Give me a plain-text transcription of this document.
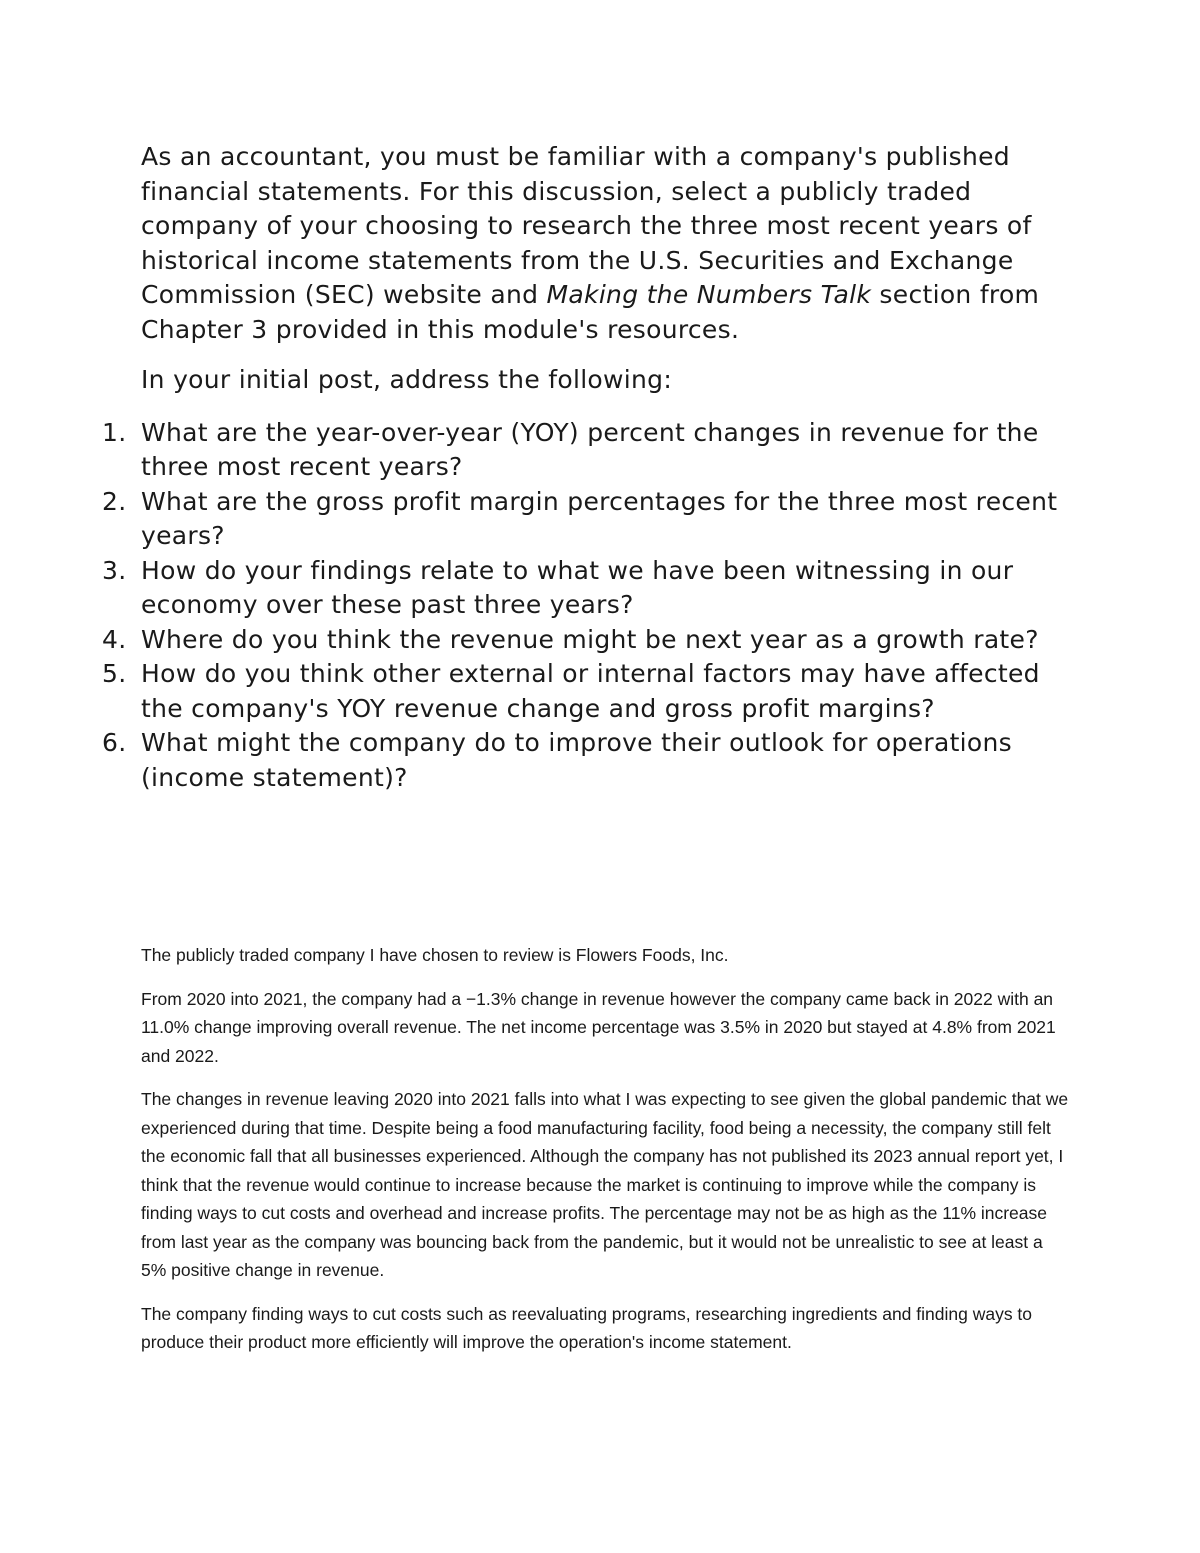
As an accountant, you must be familiar with a company's published financial statements. For this discussion, select a publicly traded company of your choosing to research the three most recent years of historical income statements from the U.S. Securities and Exchange Commission (SEC) website and Making the Numbers Talk section from Chapter 3 provided in this module's resources.

In your initial post, address the following:

1. What are the year-over-year (YOY) percent changes in revenue for the three most recent years?
2. What are the gross profit margin percentages for the three most recent years?
3. How do your findings relate to what we have been witnessing in our economy over these past three years?
4. Where do you think the revenue might be next year as a growth rate?
5. How do you think other external or internal factors may have affected the company's YOY revenue change and gross profit margins?
6. What might the company do to improve their outlook for operations (income statement)?

The publicly traded company I have chosen to review is Flowers Foods, Inc.

From 2020 into 2021, the company had a −1.3% change in revenue however the company came back in 2022 with an 11.0% change improving overall revenue. The net income percentage was 3.5% in 2020 but stayed at 4.8% from 2021 and 2022.

The changes in revenue leaving 2020 into 2021 falls into what I was expecting to see given the global pandemic that we experienced during that time. Despite being a food manufacturing facility, food being a necessity, the company still felt the economic fall that all businesses experienced. Although the company has not published its 2023 annual report yet, I think that the revenue would continue to increase because the market is continuing to improve while the company is finding ways to cut costs and overhead and increase profits. The percentage may not be as high as the 11% increase from last year as the company was bouncing back from the pandemic, but it would not be unrealistic to see at least a 5% positive change in revenue.

The company finding ways to cut costs such as reevaluating programs, researching ingredients and finding ways to produce their product more efficiently will improve the operation's income statement.
